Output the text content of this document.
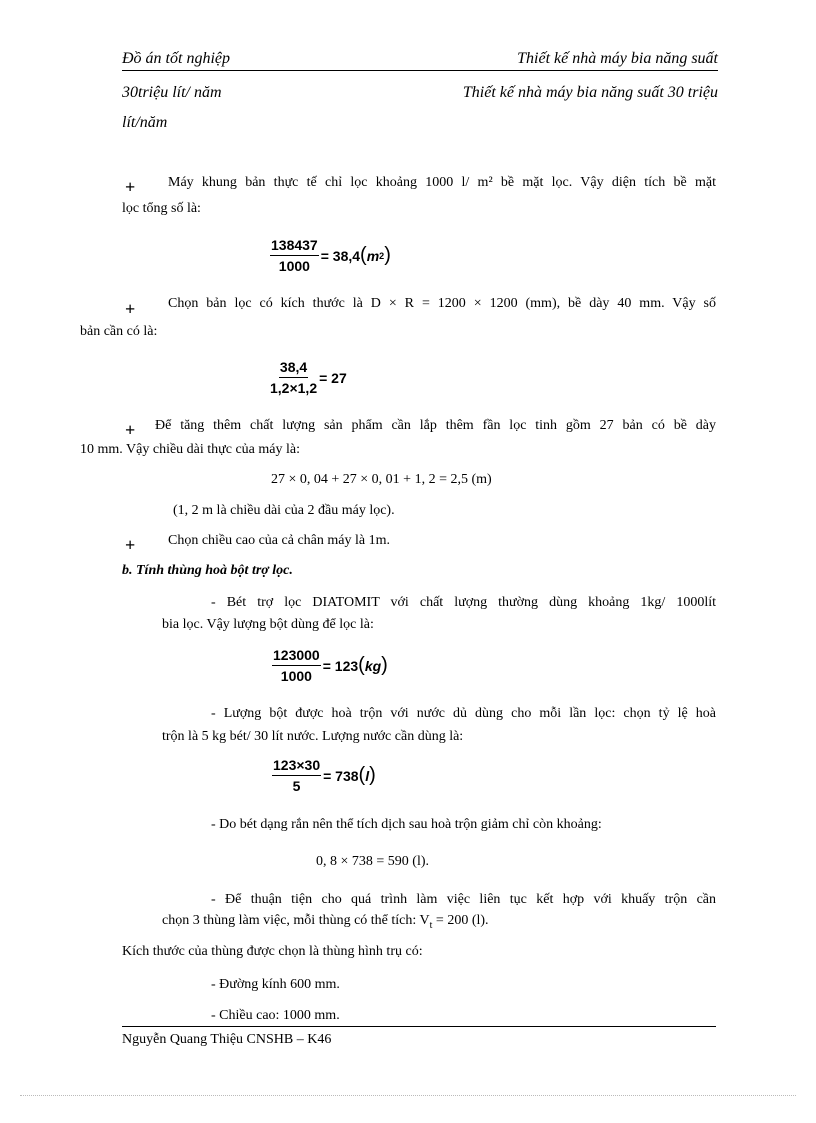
Đồ án tốt nghiệp	Thiết kế nhà máy bia năng suất
30triệu lít/ năm	Thiết kế nhà máy bia năng suất 30 triệu
lít/năm
+ Máy khung bản thực tế chỉ lọc khoảng 1000 l/ m² bề mặt lọc. Vậy diện tích bề mặt
lọc tổng số là:
$\frac{138437}{1000} = 38,4$ ( m 2 )
+ Chọn bản lọc có kích thước là D × R = 1200 × 1200 (mm), bề dày 40 mm. Vậy số
bản cần có là:
$\frac{38,4}{1,2\times 1,2} = 27$
+ Để tăng thêm chất lượng sản phẩm cần lắp thêm fần lọc tinh gồm 27 bản có bề dày
10 mm. Vậy chiều dài thực của máy là:
27 × 0, 04 + 27 × 0, 01 + 1, 2 = 2,5 (m)
(1, 2 m là chiều dài của 2 đầu máy lọc).
+ Chọn chiều cao của cả chân máy là 1m.
b. Tính thùng hoà bột trợ lọc.
- Bét trợ lọc DIATOMIT với chất lượng thường dùng khoảng 1kg/ 1000lít
bia lọc. Vậy lượng bột dùng để lọc là:
$\frac{123000}{1000} = 123$ ( kg )
- Lượng bột được hoà trộn với nước dủ dùng cho mỗi lần lọc: chọn tỷ lệ hoà
trộn là 5 kg bét/ 30 lít nước. Lượng nước cần dùng là:
$\frac{123\times 30}{5} = 738$ ( l )
- Do bét dạng rắn nên thể tích dịch sau hoà trộn giảm chỉ còn khoảng:
0, 8 × 738 = 590 (l).
- Để thuận tiện cho quá trình làm việc liên tục kết hợp với khuấy trộn cần
chọn 3 thùng làm việc, mỗi thùng có thể tích: $V_t = 200$ (l).
Kích thước của thùng được chọn là thùng hình trụ có:
- Đường kính 600 mm.
- Chiều cao: 1000 mm.
Nguyễn Quang Thiệu CNSHB – K46
